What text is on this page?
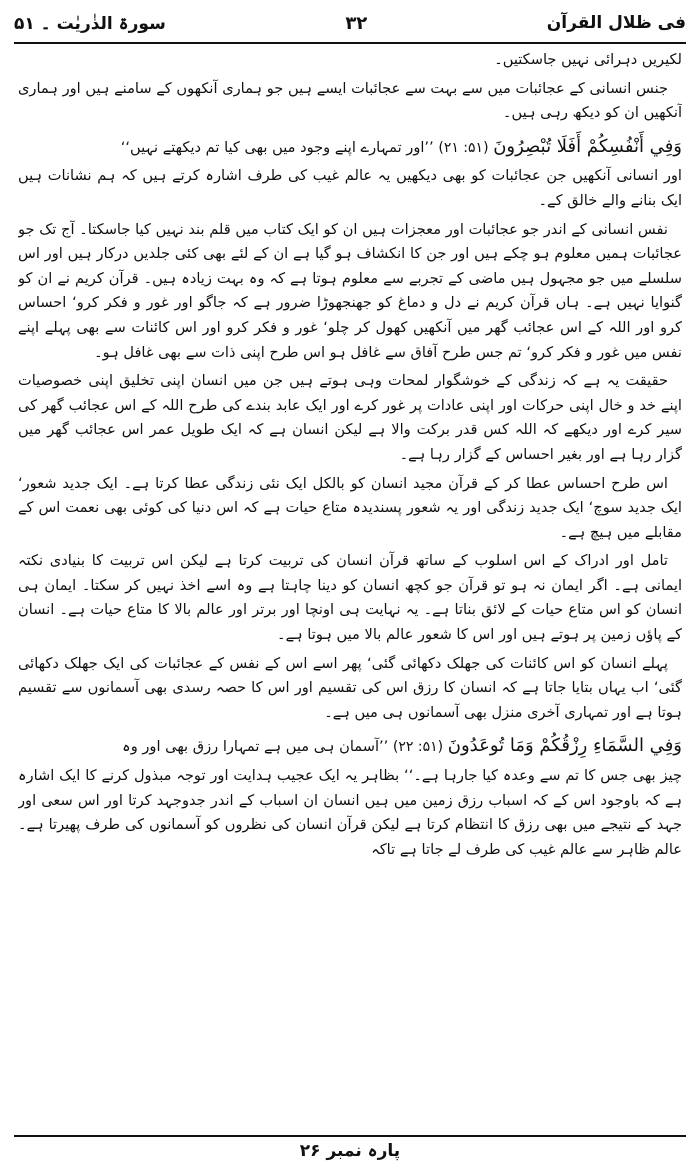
فی ظلال القرآن
۳۲
سورۃ الذٰریٰت ۔ ۵۱

لکیریں دہرائی نہیں جاسکتیں۔

جنس انسانی کے عجائبات میں سے بہت سے عجائبات ایسے ہیں جو ہماری آنکھوں کے سامنے ہیں اور ہماری آنکھیں ان کو دیکھ رہی ہیں۔

وَفِي أَنْفُسِكُمْ أَفَلَا تُبْصِرُونَ (۵۱: ۲۱) ’’اور تمہارے اپنے وجود میں بھی کیا تم دیکھتے نہیں‘‘

اور انسانی آنکھیں جن عجائبات کو بھی دیکھیں یہ عالم غیب کی طرف اشارہ کرتے ہیں کہ ہم نشانات ہیں ایک بنانے والے خالق کے۔

نفس انسانی کے اندر جو عجائبات اور معجزات ہیں ان کو ایک کتاب میں قلم بند نہیں کیا جاسکتا۔ آج تک جو عجائبات ہمیں معلوم ہو چکے ہیں اور جن کا انکشاف ہو گیا ہے ان کے لئے بھی کئی جلدیں درکار ہیں اور اس سلسلے میں جو مجہول ہیں ماضی کے تجربے سے معلوم ہوتا ہے کہ وہ بہت زیادہ ہیں۔ قرآن کریم نے ان کو گنوایا نہیں ہے۔ ہاں قرآن کریم نے دل و دماغ کو جھنجھوڑا ضرور ہے کہ جاگو اور غور و فکر کرو‘ احساس کرو اور اللہ کے اس عجائب گھر میں آنکھیں کھول کر چلو‘ غور و فکر کرو اور اس کائنات سے بھی پہلے اپنے نفس میں غور و فکر کرو‘ تم جس طرح آفاق سے غافل ہو اس طرح اپنی ذات سے بھی غافل ہو۔

حقیقت یہ ہے کہ زندگی کے خوشگوار لمحات وہی ہوتے ہیں جن میں انسان اپنی تخلیق اپنی خصوصیات اپنے خد و خال اپنی حرکات اور اپنی عادات پر غور کرے اور ایک عابد بندے کی طرح اللہ کے اس عجائب گھر کی سیر کرے اور دیکھے کہ اللہ کس قدر برکت والا ہے لیکن انسان ہے کہ ایک طویل عمر اس عجائب گھر میں گزار رہا ہے اور بغیر احساس کے گزار رہا ہے۔

اس طرح احساس عطا کر کے قرآن مجید انسان کو بالکل ایک نئی زندگی عطا کرتا ہے۔ ایک جدید شعور‘ ایک جدید سوچ‘ ایک جدید زندگی اور یہ شعور پسندیدہ متاع حیات ہے کہ اس دنیا کی کوئی بھی نعمت اس کے مقابلے میں ہیچ ہے۔

تامل اور ادراک کے اس اسلوب کے ساتھ قرآن انسان کی تربیت کرتا ہے لیکن اس تربیت کا بنیادی نکتہ ایمانی ہے۔ اگر ایمان نہ ہو تو قرآن جو کچھ انسان کو دینا چاہتا ہے وہ اسے اخذ نہیں کر سکتا۔ ایمان ہی انسان کو اس متاع حیات کے لائق بناتا ہے۔ یہ نہایت ہی اونچا اور برتر اور عالم بالا کا متاع حیات ہے۔ انسان کے پاؤں زمین پر ہوتے ہیں اور اس کا شعور عالم بالا میں ہوتا ہے۔

پہلے انسان کو اس کائنات کی جھلک دکھائی گئی‘ پھر اسے اس کے نفس کے عجائبات کی ایک جھلک دکھائی گئی‘ اب یہاں بتایا جاتا ہے کہ انسان کا رزق اس کی تقسیم اور اس کا حصہ رسدی بھی آسمانوں سے تقسیم ہوتا ہے اور تمہاری آخری منزل بھی آسمانوں ہی میں ہے۔

وَفِي السَّمَاءِ رِزْقُكُمْ وَمَا تُوعَدُونَ (۵۱: ۲۲) ’’آسمان ہی میں ہے تمہارا رزق بھی اور وہ

چیز بھی جس کا تم سے وعدہ کیا جارہا ہے۔‘‘ بظاہر یہ ایک عجیب ہدایت اور توجہ مبذول کرنے کا ایک اشارہ ہے کہ باوجود اس کے کہ اسباب رزق زمین میں ہیں انسان ان اسباب کے اندر جدوجہد کرتا اور اس سعی اور جہد کے نتیجے میں بھی رزق کا انتظام کرتا ہے لیکن قرآن انسان کی نظروں کو آسمانوں کی طرف پھیرتا ہے۔ عالم ظاہر سے عالم غیب کی طرف لے جاتا ہے تاکہ

پارہ نمبر ۲۶
